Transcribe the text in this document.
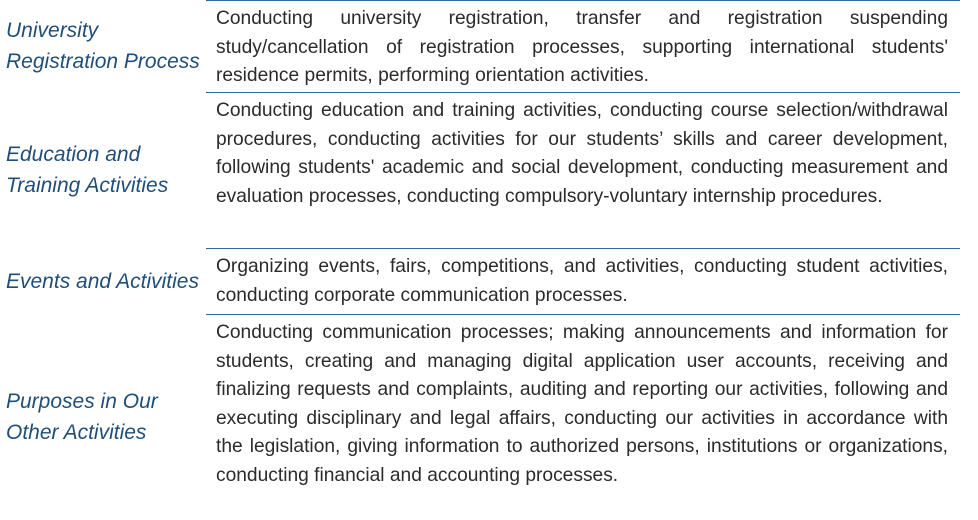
University Registration Process
Conducting university registration, transfer and registration suspending study/cancellation of registration processes, supporting international students' residence permits, performing orientation activities.
Education and Training Activities
Conducting education and training activities, conducting course selection/withdrawal procedures, conducting activities for our students’ skills and career development, following students' academic and social development, conducting measurement and evaluation processes, conducting compulsory-voluntary internship procedures.
Events and Activities
Organizing events, fairs, competitions, and activities, conducting student activities, conducting corporate communication processes.
Purposes in Our Other Activities
Conducting communication processes; making announcements and information for students, creating and managing digital application user accounts, receiving and finalizing requests and complaints, auditing and reporting our activities, following and executing disciplinary and legal affairs, conducting our activities in accordance with the legislation, giving information to authorized persons, institutions or organizations, conducting financial and accounting processes.
